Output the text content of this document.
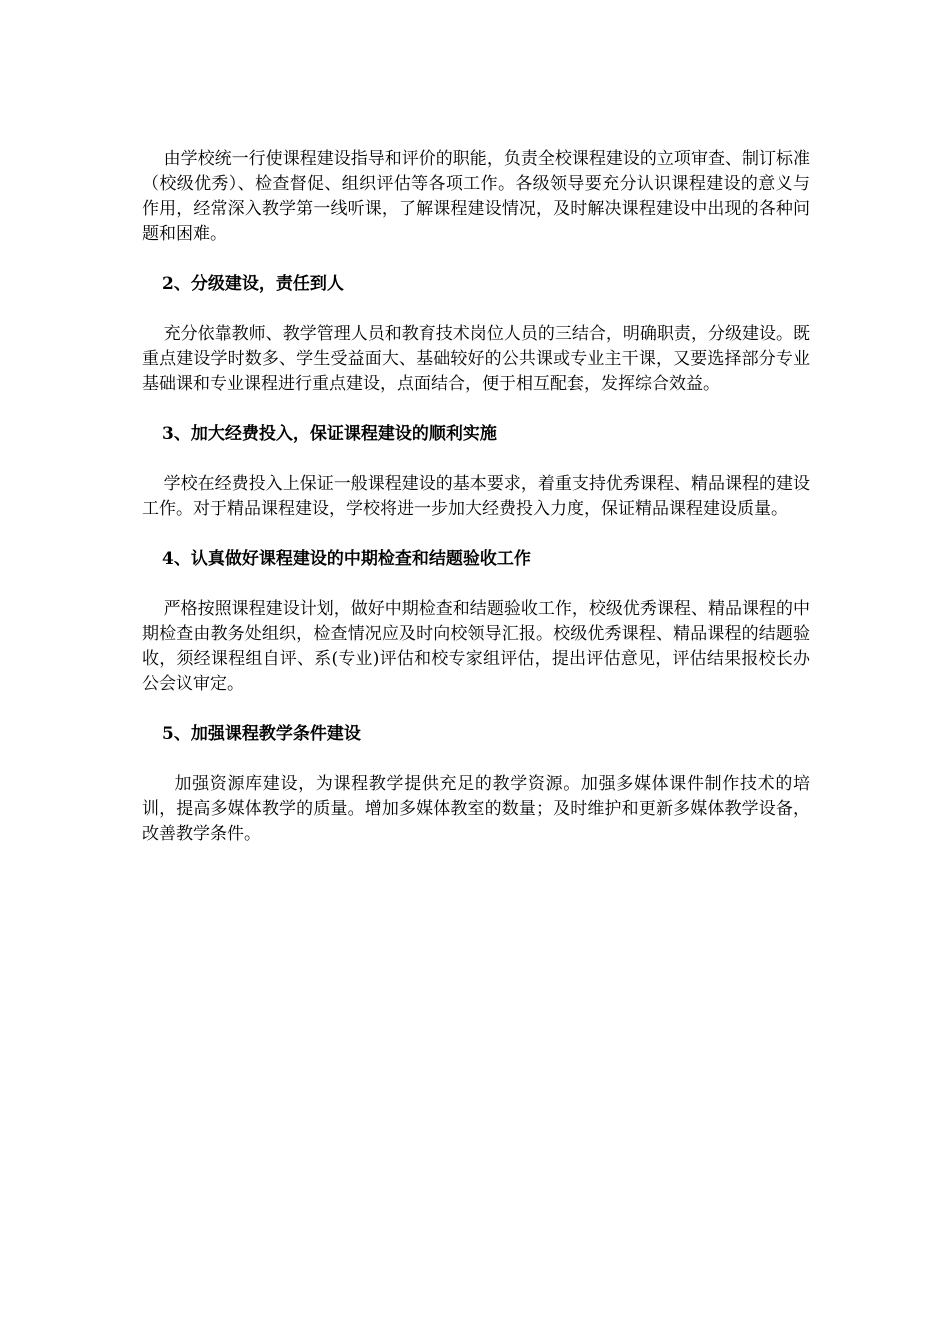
由学校统一行使课程建设指导和评价的职能，负责全校课程建设的立项审查、制订标准（校级优秀）、检查督促、组织评估等各项工作。各级领导要充分认识课程建设的意义与作用，经常深入教学第一线听课，了解课程建设情况，及时解决课程建设中出现的各种问题和困难。

2、分级建设，责任到人

充分依靠教师、教学管理人员和教育技术岗位人员的三结合，明确职责，分级建设。既重点建设学时数多、学生受益面大、基础较好的公共课或专业主干课，又要选择部分专业基础课和专业课程进行重点建设，点面结合，便于相互配套，发挥综合效益。

3、加大经费投入，保证课程建设的顺利实施

学校在经费投入上保证一般课程建设的基本要求，着重支持优秀课程、精品课程的建设工作。对于精品课程建设，学校将进一步加大经费投入力度，保证精品课程建设质量。

4、认真做好课程建设的中期检查和结题验收工作

严格按照课程建设计划，做好中期检查和结题验收工作，校级优秀课程、精品课程的中期检查由教务处组织，检查情况应及时向校领导汇报。校级优秀课程、精品课程的结题验收，须经课程组自评、系(专业)评估和校专家组评估，提出评估意见，评估结果报校长办公会议审定。

5、加强课程教学条件建设

加强资源库建设，为课程教学提供充足的教学资源。加强多媒体课件制作技术的培训，提高多媒体教学的质量。增加多媒体教室的数量；及时维护和更新多媒体教学设备，改善教学条件。
